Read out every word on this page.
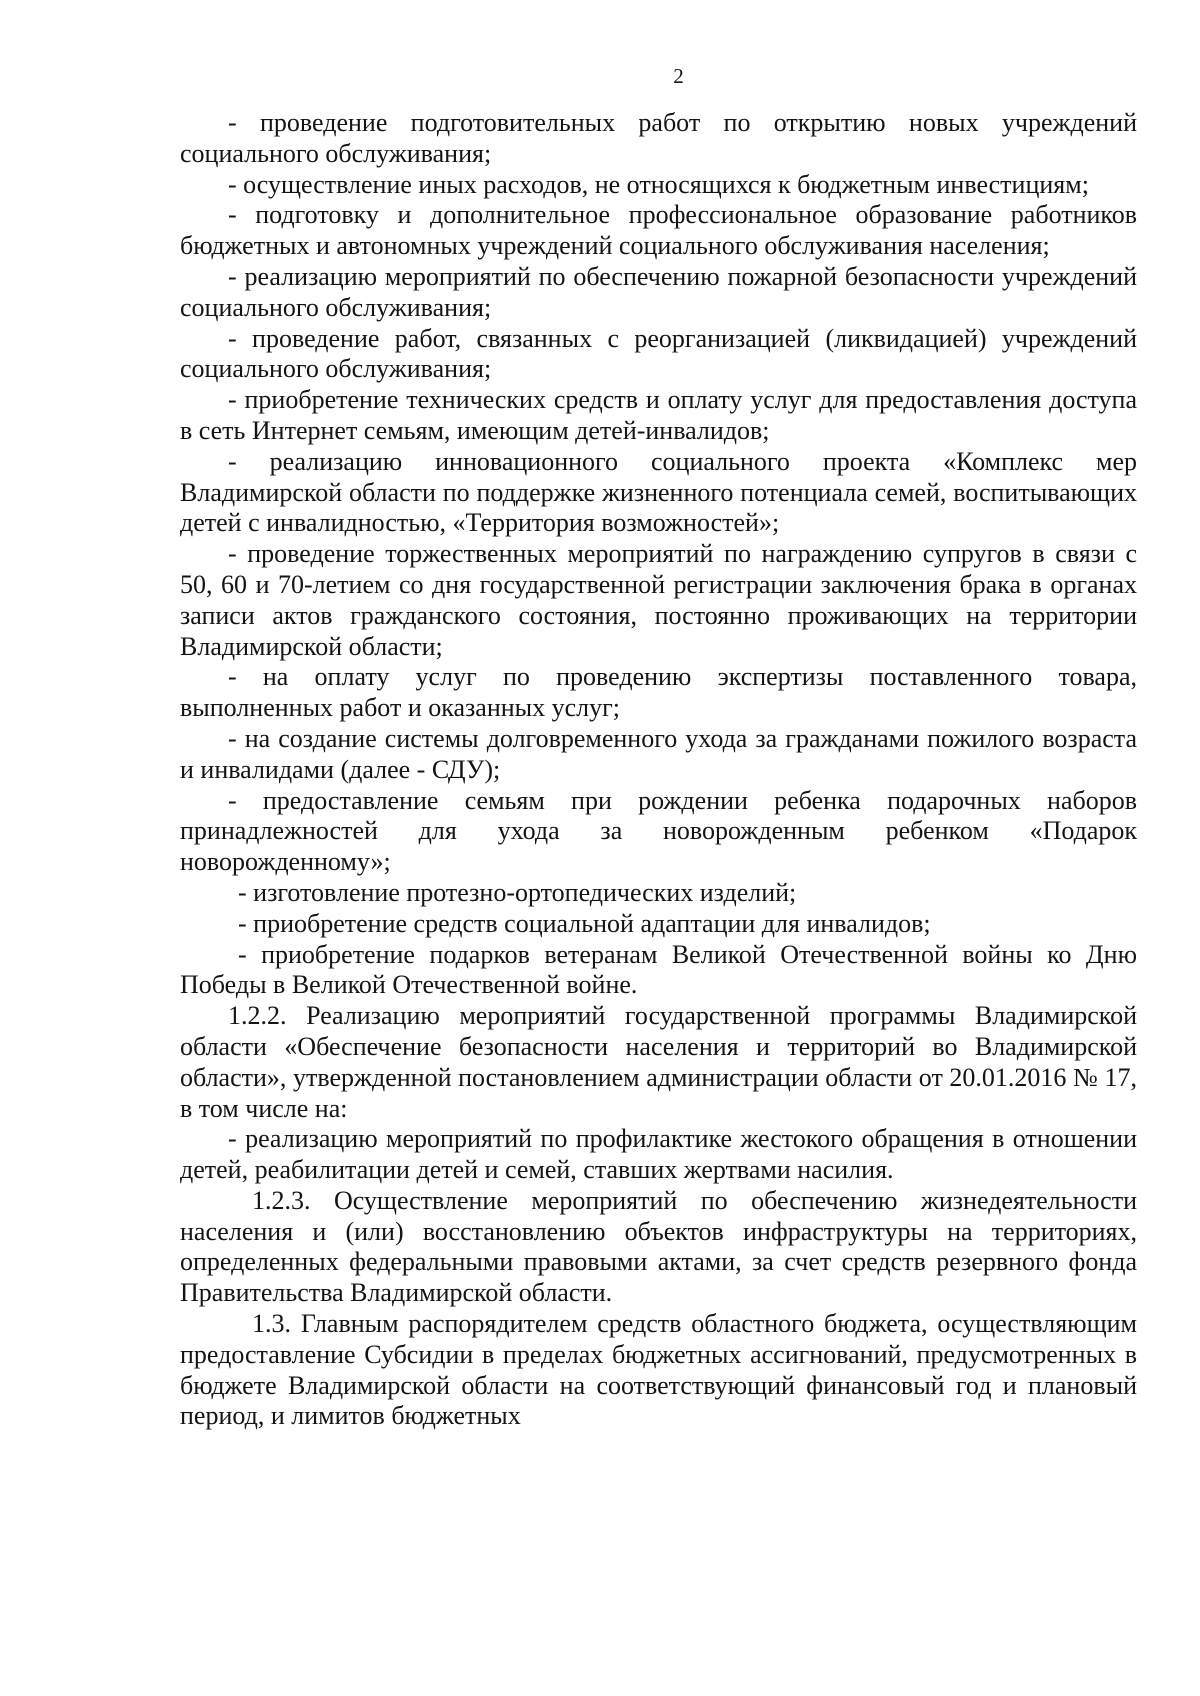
2

- проведение подготовительных работ по открытию новых учреждений социального обслуживания;

- осуществление иных расходов, не относящихся к бюджетным инвестициям;

- подготовку и дополнительное профессиональное образование работников бюджетных и автономных учреждений социального обслуживания населения;

- реализацию мероприятий по обеспечению пожарной безопасности учреждений социального обслуживания;

- проведение работ, связанных с реорганизацией (ликвидацией) учреждений социального обслуживания;

- приобретение технических средств и оплату услуг для предоставления доступа в сеть Интернет семьям, имеющим детей-инвалидов;

- реализацию инновационного социального проекта «Комплекс мер Владимирской области по поддержке жизненного потенциала семей, воспитывающих детей с инвалидностью, «Территория возможностей»;

- проведение торжественных мероприятий по награждению супругов в связи с 50, 60 и 70-летием со дня государственной регистрации заключения брака в органах записи актов гражданского состояния, постоянно проживающих на территории Владимирской области;

- на оплату услуг по проведению экспертизы поставленного товара, выполненных работ и оказанных услуг;

- на создание системы долговременного ухода за гражданами пожилого возраста и инвалидами (далее - СДУ);

- предоставление семьям при рождении ребенка подарочных наборов принадлежностей для ухода за новорожденным ребенком «Подарок новорожденному»;

- изготовление протезно-ортопедических изделий;

- приобретение средств социальной адаптации для инвалидов;

- приобретение подарков ветеранам Великой Отечественной войны ко Дню Победы в Великой Отечественной войне.

1.2.2. Реализацию мероприятий государственной программы Владимирской области «Обеспечение безопасности населения и территорий во Владимирской области», утвержденной постановлением администрации области от 20.01.2016 № 17, в том числе на:

- реализацию мероприятий по профилактике жестокого обращения в отношении детей, реабилитации детей и семей, ставших жертвами насилия.

1.2.3. Осуществление мероприятий по обеспечению жизнедеятельности населения и (или) восстановлению объектов инфраструктуры на территориях, определенных федеральными правовыми актами, за счет средств резервного фонда Правительства Владимирской области.

1.3. Главным распорядителем средств областного бюджета, осуществляющим предоставление Субсидии в пределах бюджетных ассигнований, предусмотренных в бюджете Владимирской области на соответствующий финансовый год и плановый период, и лимитов бюджетных
